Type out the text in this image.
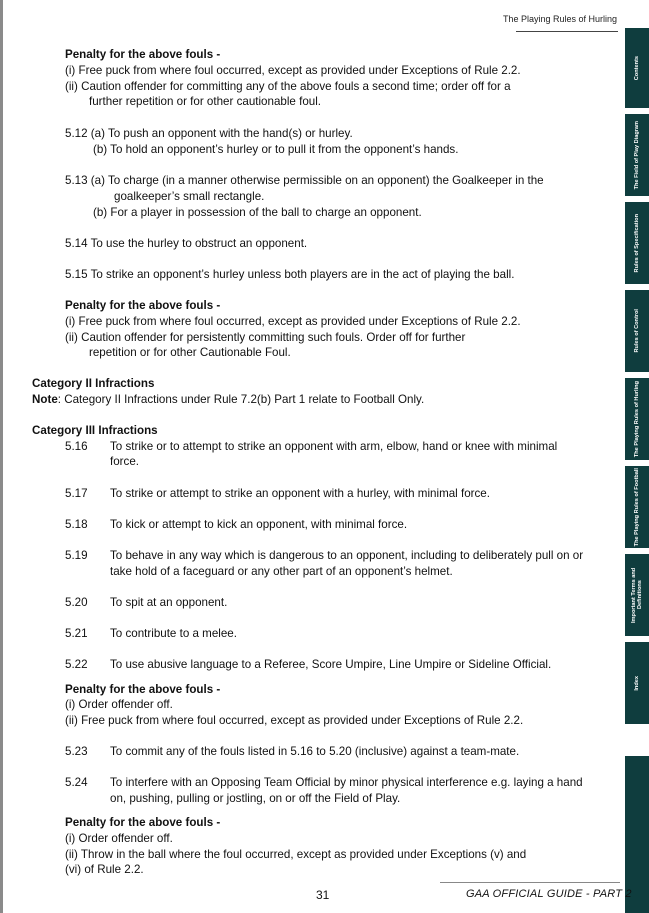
The Playing Rules of Hurling
Contents
The Field of Play Diagram
Rules of Specification
Rules of Control
The Playing Rules of Hurling
The Playing Rules of Football
Important Terms and Definitions
Index
Penalty for the above fouls -
(i) Free puck from where foul occurred, except as provided under Exceptions of Rule 2.2.
(ii) Caution offender for committing any of the above fouls a second time; order off for a
further repetition or for other cautionable foul.
5.12 (a) To push an opponent with the hand(s) or hurley.
(b) To hold an opponent’s hurley or to pull it from the opponent’s hands.
5.13 (a) To charge (in a manner otherwise permissible on an opponent) the Goalkeeper in the
goalkeeper’s small rectangle.
(b) For a player in possession of the ball to charge an opponent.
5.14 To use the hurley to obstruct an opponent.
5.15 To strike an opponent’s hurley unless both players are in the act of playing the ball.
Penalty for the above fouls -
(i) Free puck from where foul occurred, except as provided under Exceptions of Rule 2.2.
(ii) Caution offender for persistently committing such fouls. Order off for further
repetition or for other Cautionable Foul.
Category II Infractions
Note: Category II Infractions under Rule 7.2(b) Part 1 relate to Football Only.
Category III Infractions
5.16 To strike or to attempt to strike an opponent with arm, elbow, hand or knee with minimal
force.
5.17 To strike or attempt to strike an opponent with a hurley, with minimal force.
5.18 To kick or attempt to kick an opponent, with minimal force.
5.19 To behave in any way which is dangerous to an opponent, including to deliberately pull on or
take hold of a faceguard or any other part of an opponent’s helmet.
5.20 To spit at an opponent.
5.21 To contribute to a melee.
5.22 To use abusive language to a Referee, Score Umpire, Line Umpire or Sideline Official.
Penalty for the above fouls -
(i) Order offender off.
(ii) Free puck from where foul occurred, except as provided under Exceptions of Rule 2.2.
5.23 To commit any of the fouls listed in 5.16 to 5.20 (inclusive) against a team-mate.
5.24 To interfere with an Opposing Team Official by minor physical interference e.g. laying a hand
on, pushing, pulling or jostling, on or off the Field of Play.
Penalty for the above fouls -
(i) Order offender off.
(ii) Throw in the ball where the foul occurred, except as provided under Exceptions (v) and
(vi) of Rule 2.2.
31	GAA OFFICIAL GUIDE - PART 2
